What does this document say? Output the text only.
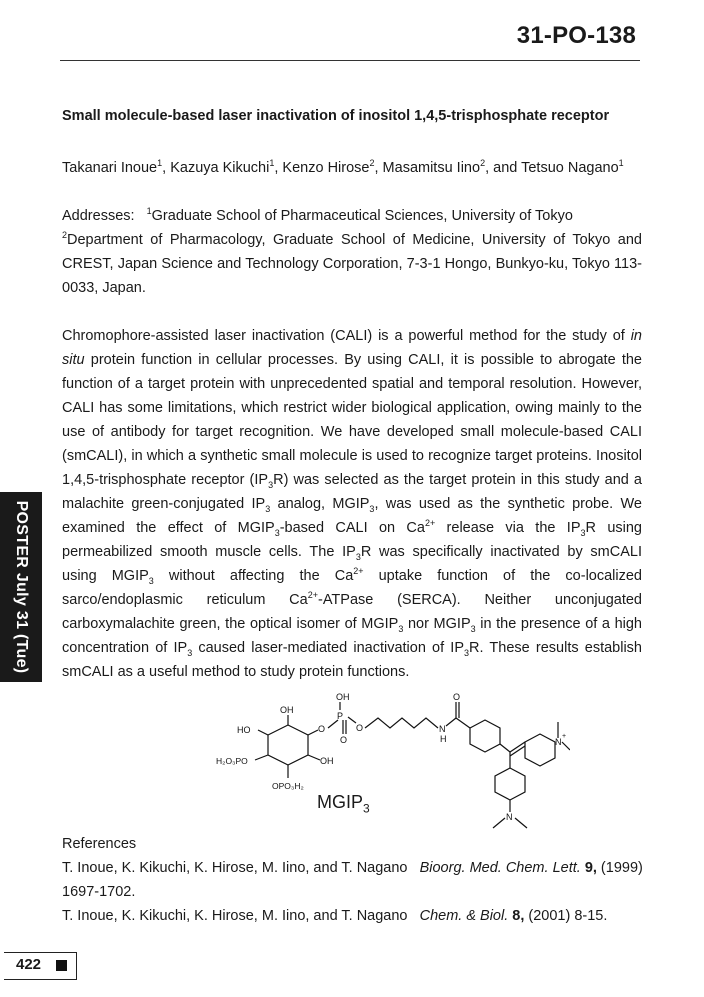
31-PO-138
Small molecule-based laser inactivation of inositol 1,4,5-trisphosphate receptor
Takanari Inoue$^1$, Kazuya Kikuchi$^1$, Kenzo Hirose$^2$, Masamitsu Iino$^2$, and Tetsuo Nagano$^1$

Addresses: $^1$Graduate School of Pharmaceutical Sciences, University of Tokyo

$^2$Department of Pharmacology, Graduate School of Medicine, University of Tokyo and CREST, Japan Science and Technology Corporation, 7-3-1 Hongo, Bunkyo-ku, Tokyo 113-0033, Japan.

Chromophore-assisted laser inactivation (CALI) is a powerful method for the study of in situ protein function in cellular processes. By using CALI, it is possible to abrogate the function of a target protein with unprecedented spatial and temporal resolution. However, CALI has some limitations, which restrict wider biological application, owing mainly to the use of antibody for target recognition. We have developed small molecule-based CALI (smCALI), in which a synthetic small molecule is used to recognize target proteins. Inositol 1,4,5-trisphosphate receptor $(IP_3R)$ was selected as the target protein in this study and a malachite green-conjugated $IP_3$ analog, $MGIP_3$, was used as the synthetic probe. We examined the effect of $MGIP_3$-based CALI on $Ca^{2+}$ release via the $IP_3R$ using permeabilized smooth muscle cells. The $IP_3R$ was specifically inactivated by smCALI using $MGIP_3$ without affecting the $Ca^{2+}$ uptake function of the co-localized sarco/endoplasmic reticulum $Ca^{2+}$-ATPase (SERCA). Neither unconjugated carboxymalachite green, the optical isomer of $MGIP_3$ nor $MGIP_3$ in the presence of a high concentration of $IP_3$ caused laser-mediated inactivation of $IP_3R$. These results establish smCALI as a useful method to study protein functions.

POSTER July 31 (Tue)
OH
HO	O
OH
P
O
O	N
H
O
N
+
H₂O₃PO	OH
OPO₃H₂
N
$MGIP_3$
References
T. Inoue, K. Kikuchi, K. Hirose, M. Iino, and T. Nagano Bioorg. Med. Chem. Lett. 9, (1999) 1697-1702.
T. Inoue, K. Kikuchi, K. Hirose, M. Iino, and T. Nagano Chem. & Biol. 8, (2001) 8-15.
422
